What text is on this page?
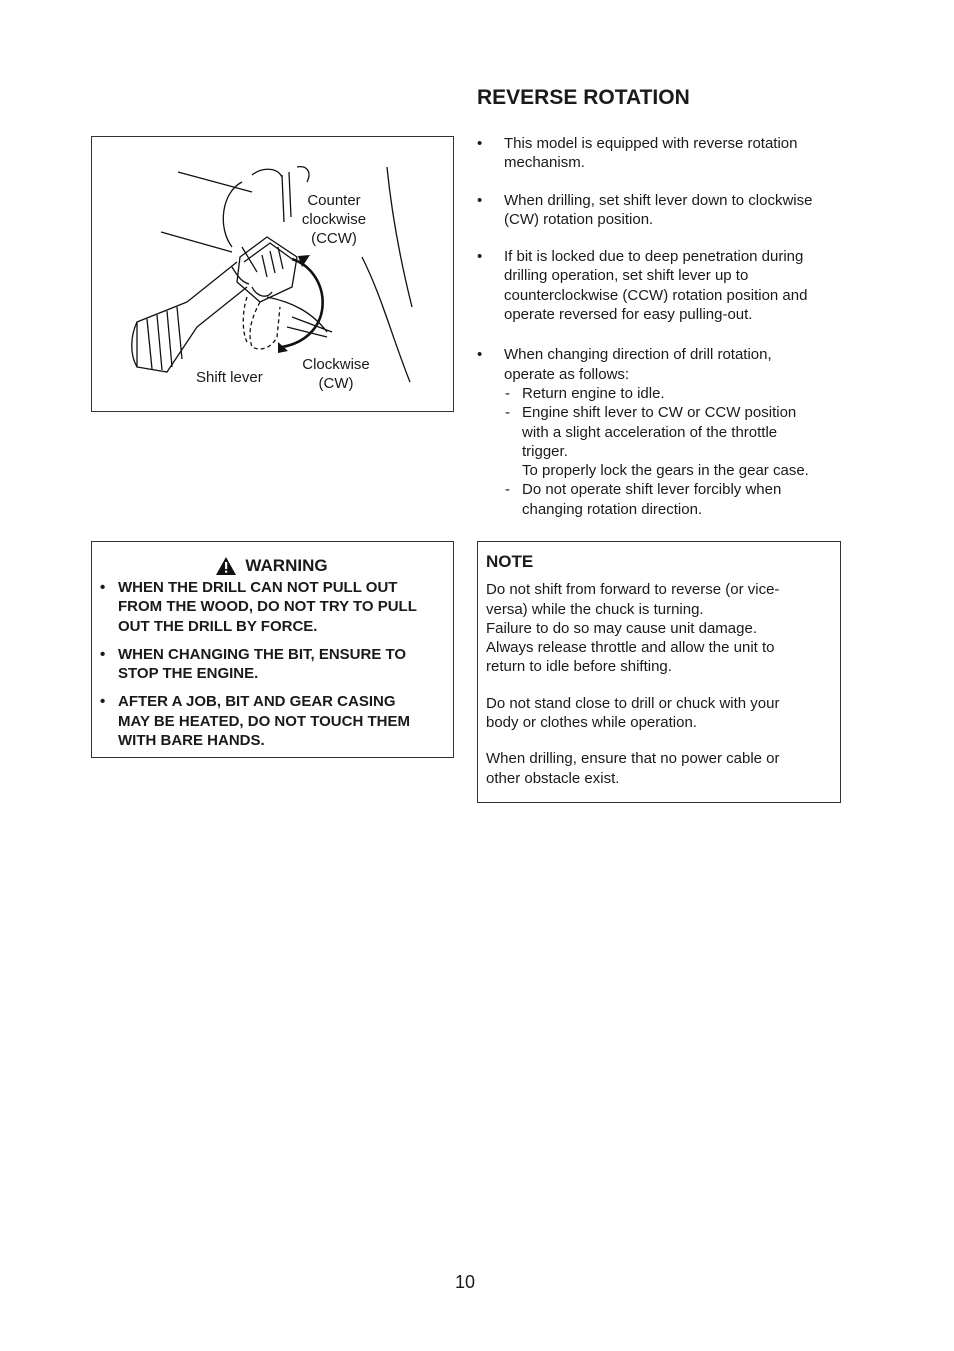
REVERSE ROTATION
Counter
clockwise
(CCW)
Clockwise
(CW)
Shift lever
• This model is equipped with reverse rotation
mechanism.
• When drilling, set shift lever down to clockwise
(CW) rotation position.
• If bit is locked due to deep penetration during
drilling operation, set shift lever up to
counterclockwise (CCW) rotation position and
operate reversed for easy pulling-out.
• When changing direction of drill rotation,
operate as follows:
- Return engine to idle.
- Engine shift lever to CW or CCW position
with a slight acceleration of the throttle
trigger.
To properly lock the gears in the gear case.
- Do not operate shift lever forcibly when
changing rotation direction.
WARNING
• WHEN THE DRILL CAN NOT PULL OUT
FROM THE WOOD, DO NOT TRY TO PULL
OUT THE DRILL BY FORCE.
• WHEN CHANGING THE BIT, ENSURE TO
STOP THE ENGINE.
• AFTER A JOB, BIT AND GEAR CASING
MAY BE HEATED, DO NOT TOUCH THEM
WITH BARE HANDS.
NOTE
Do not shift from forward to reverse (or vice-
versa) while the chuck is turning.
Failure to do so may cause unit damage.
Always release throttle and allow the unit to
return to idle before shifting.
Do not stand close to drill or chuck with your
body or clothes while operation.
When drilling, ensure that no power cable or
other obstacle exist.
10
